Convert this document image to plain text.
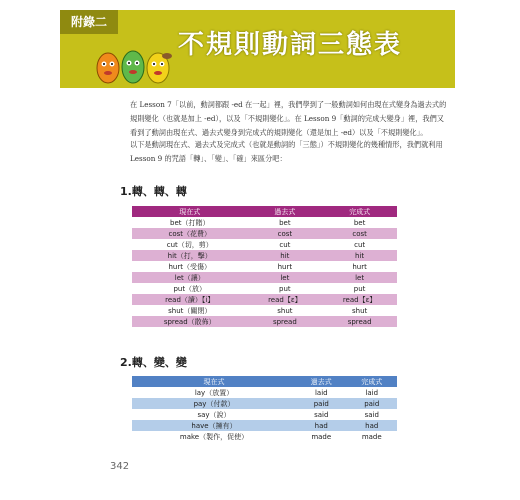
附錄二
不規則動詞三態表
在 Lesson 7「以前，動詞都跟 -ed 在一起」裡，我們學到了一般動詞如何由現在式變身為過去式的規則變化（也就是加上 -ed），以及「不規則變化」。在 Lesson 9「動詞的完成大變身」裡，我們又看到了動詞由現在式、過去式變身到完成式的規則變化（還是加上 -ed）以及「不規則變化」。
以下是動詞現在式、過去式及完成式（也就是動詞的「三態」）不規則變化的幾種情形，我們就利用 Lesson 9 的咒語「轉」、「變」、「確」來區分吧：
1.轉、轉、轉
現在式	過去式	完成式
bet（打賭）	bet	bet
cost（花費）	cost	cost
cut（切，剪）	cut	cut
hit（打，擊）	hit	hit
hurt（受傷）	hurt	hurt
let（讓）	let	let
put（放）	put	put
read（讀）【i】	read【ɛ】	read【ɛ】
shut（關閉）	shut	shut
spread（散佈）	spread	spread
2.轉、變、變
現在式	過去式	完成式
lay（放置）	laid	laid
pay（付款）	paid	paid
say（說）	said	said
have（擁有）	had	had
make（製作，促使）	made	made
342
